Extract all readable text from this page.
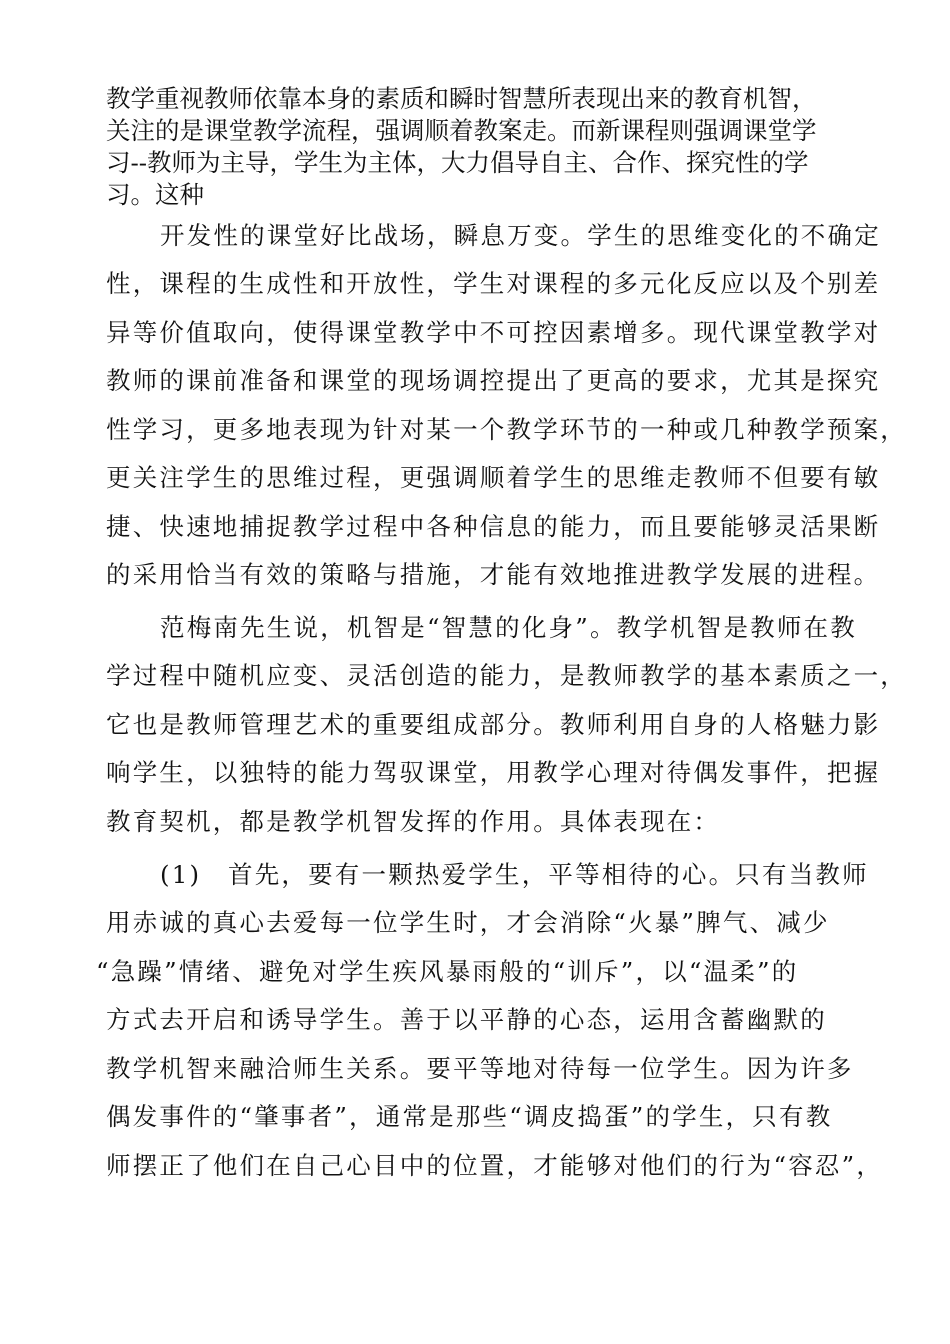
教学重视教师依靠本身的素质和瞬时智慧所表现出来的教育机智，
关注的是课堂教学流程，强调顺着教案走。而新课程则强调课堂学
习--教师为主导，学生为主体，大力倡导自主、合作、探究性的学
习。这种
开发性的课堂好比战场，瞬息万变。学生的思维变化的不确定
性，课程的生成性和开放性，学生对课程的多元化反应以及个别差
异等价值取向，使得课堂教学中不可控因素增多。现代课堂教学对
教师的课前准备和课堂的现场调控提出了更高的要求，尤其是探究
性学习，更多地表现为针对某一个教学环节的一种或几种教学预案，
更关注学生的思维过程，更强调顺着学生的思维走教师不但要有敏
捷、快速地捕捉教学过程中各种信息的能力，而且要能够灵活果断
的采用恰当有效的策略与措施，才能有效地推进教学发展的进程。
范梅南先生说，机智是“智慧的化身”。教学机智是教师在教
学过程中随机应变、灵活创造的能力，是教师教学的基本素质之一，
它也是教师管理艺术的重要组成部分。教师利用自身的人格魅力影
响学生，以独特的能力驾驭课堂，用教学心理对待偶发事件，把握
教育契机，都是教学机智发挥的作用。具体表现在：
(1)　首先，要有一颗热爱学生，平等相待的心。只有当教师
用赤诚的真心去爱每一位学生时，才会消除“火暴”脾气、减少
“急躁”情绪、避免对学生疾风暴雨般的“训斥”，以“温柔”的
方式去开启和诱导学生。善于以平静的心态，运用含蓄幽默的
教学机智来融洽师生关系。要平等地对待每一位学生。因为许多
偶发事件的“肇事者”，通常是那些“调皮捣蛋”的学生，只有教
师摆正了他们在自己心目中的位置，才能够对他们的行为“容忍”，
